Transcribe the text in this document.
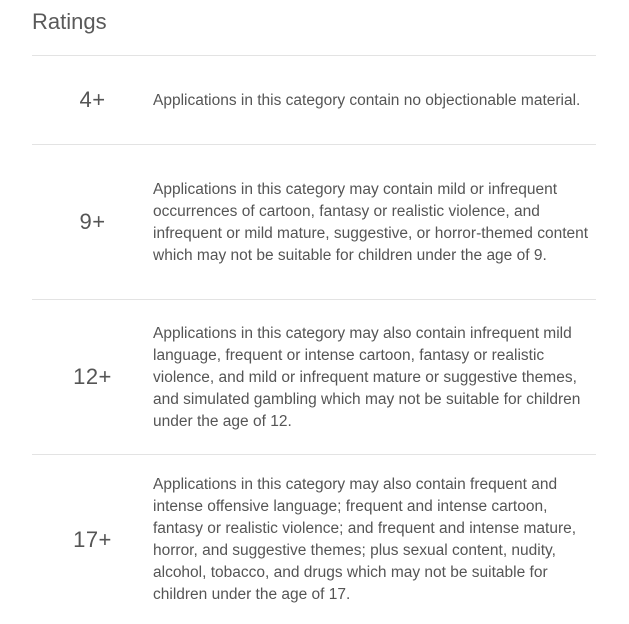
Ratings
4+	Applications in this category contain no objectionable material.
9+
Applications in this category may contain mild or infrequent occurrences of cartoon, fantasy or realistic violence, and infrequent or mild mature, suggestive, or horror-themed content which may not be suitable for children under the age of 9.
12+
Applications in this category may also contain infrequent mild language, frequent or intense cartoon, fantasy or realistic violence, and mild or infrequent mature or suggestive themes, and simulated gambling which may not be suitable for children under the age of 12.
17+
Applications in this category may also contain frequent and intense offensive language; frequent and intense cartoon, fantasy or realistic violence; and frequent and intense mature, horror, and suggestive themes; plus sexual content, nudity, alcohol, tobacco, and drugs which may not be suitable for children under the age of 17.
